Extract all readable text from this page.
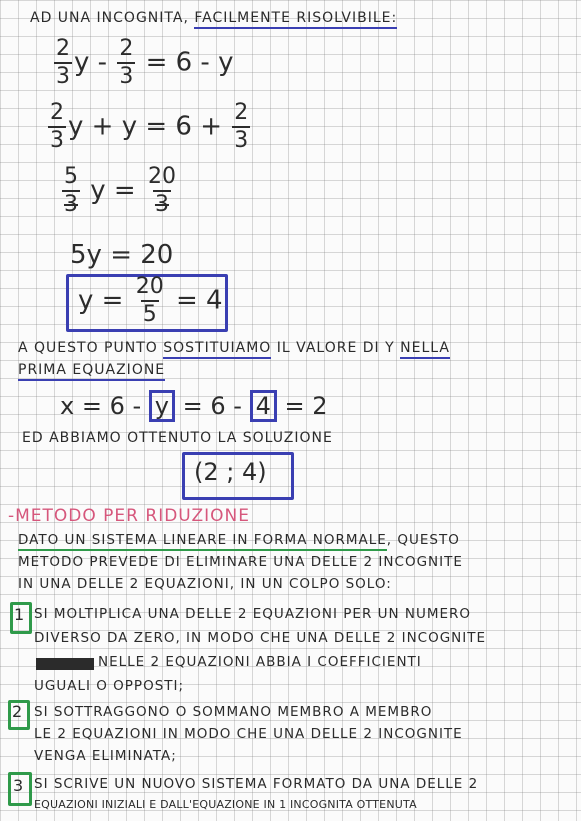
AD UNA INCOGNITA, FACILMENTE RISOLVIBILE:
$\frac{2}{3}$ $y - \frac{2}{3} = 6 - y$
$\frac{2}{3}$ $y + y = 6 + \frac{2}{3}$
$\frac{5}{3}$ $y = \frac{20}{3}$
5y = 20
$y = \frac{20}{5} = 4$
A QUESTO PUNTO SOSTITUIAMO IL VALORE DI Y NELLA
PRIMA EQUAZIONE
x = 6 - y = 6 - 4 = 2
ED ABBIAMO OTTENUTO LA SOLUZIONE
(2 ; 4)
-METODO PER RIDUZIONE
DATO UN SISTEMA LINEARE IN FORMA NORMALE, QUESTO
METODO PREVEDE DI ELIMINARE UNA DELLE 2 INCOGNITE
IN UNA DELLE 2 EQUAZIONI, IN UN COLPO SOLO:
1 SI MOLTIPLICA UNA DELLE 2 EQUAZIONI PER UN NUMERO
DIVERSO DA ZERO, IN MODO CHE UNA DELLE 2 INCOGNITE
NELLE 2 EQUAZIONI ABBIA I COEFFICIENTI
UGUALI O OPPOSTI;
2 SI SOTTRAGGONO O SOMMANO MEMBRO A MEMBRO
LE 2 EQUAZIONI IN MODO CHE UNA DELLE 2 INCOGNITE
VENGA ELIMINATA;
3 SI SCRIVE UN NUOVO SISTEMA FORMATO DA UNA DELLE 2
EQUAZIONI INIZIALI E DALL'EQUAZIONE IN 1 INCOGNITA OTTENUTA
